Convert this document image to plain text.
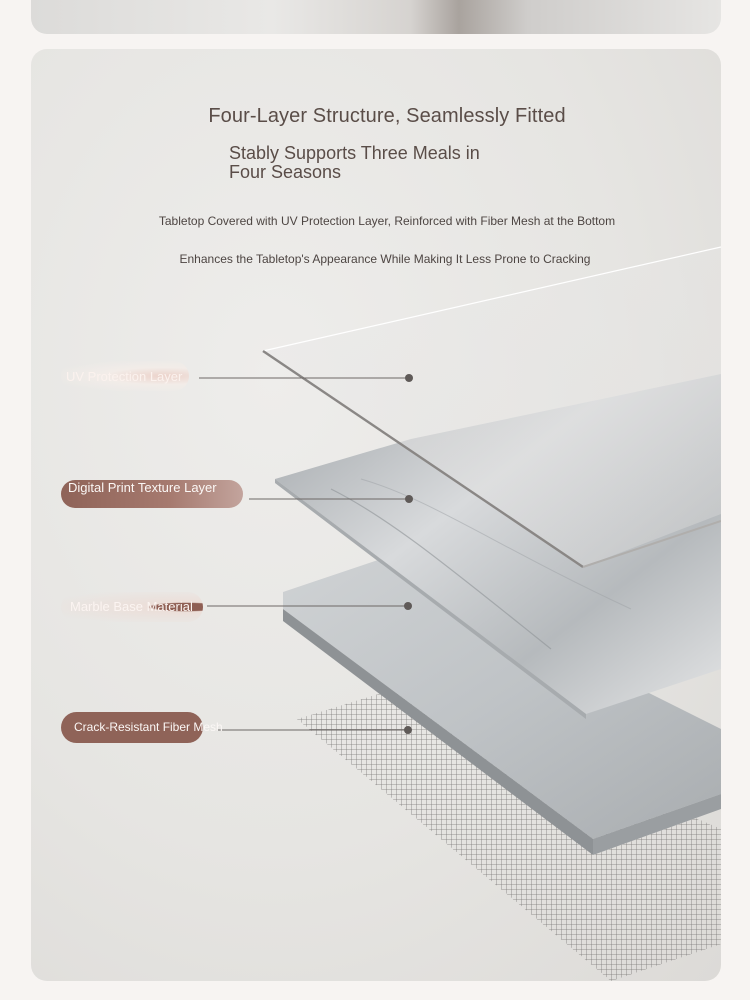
Four-Layer Structure, Seamlessly Fitted
Stably Supports Three Meals in Four Seasons
Tabletop Covered with UV Protection Layer, Reinforced with Fiber Mesh at the Bottom
Enhances the Tabletop's Appearance While Making It Less Prone to Cracking
UV Protection Layer
Digital Print Texture Layer
Marble Base Material
Crack-Resistant Fiber Mesh
